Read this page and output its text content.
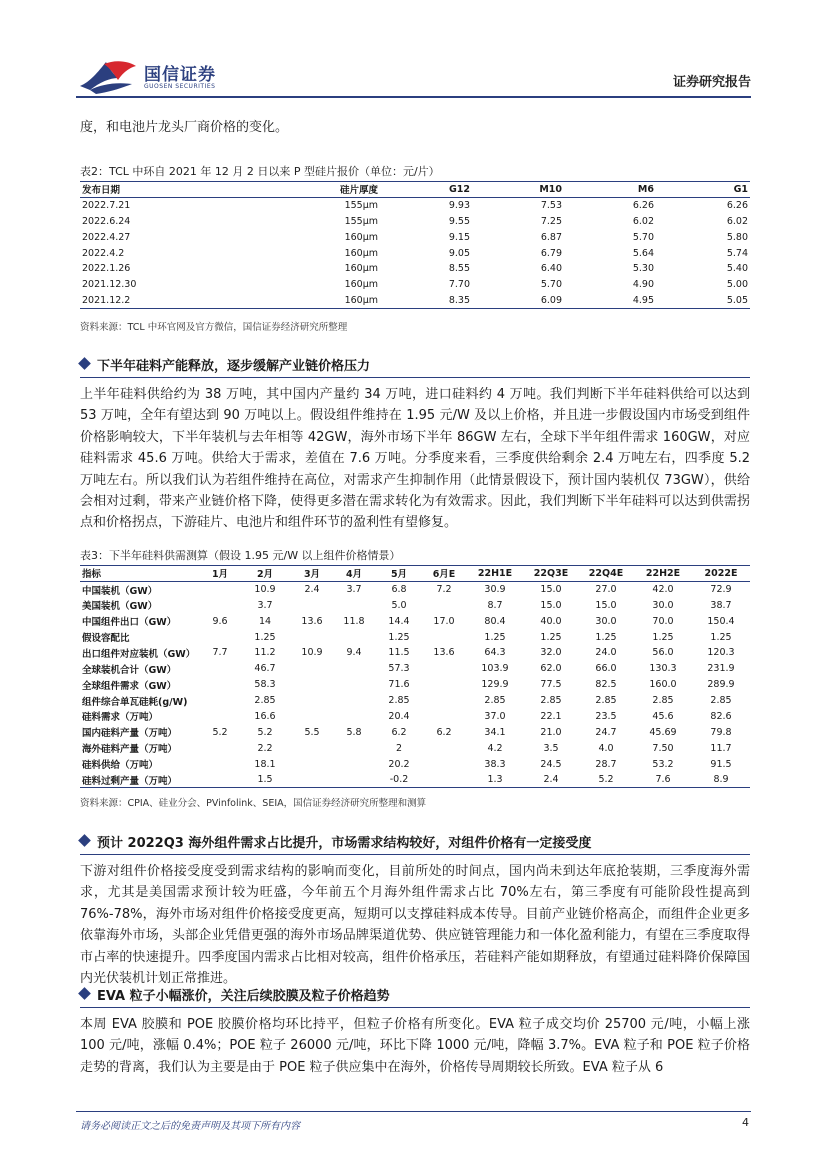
国信证券
GUOSEN SECURITIES	证券研究报告
度，和电池片龙头厂商价格的变化。
表2：TCL 中环自 2021 年 12 月 2 日以来 P 型硅片报价（单位：元/片）
发布日期	硅片厚度	G12	M10	M6	G1
2022.7.21	155μm	9.93	7.53	6.26	6.26
2022.6.24	155μm	9.55	7.25	6.02	6.02
2022.4.27	160μm	9.15	6.87	5.70	5.80
2022.4.2	160μm	9.05	6.79	5.64	5.74
2022.1.26	160μm	8.55	6.40	5.30	5.40
2021.12.30	160μm	7.70	5.70	4.90	5.00
2021.12.2	160μm	8.35	6.09	4.95	5.05
资料来源：TCL 中环官网及官方微信，国信证券经济研究所整理
下半年硅料产能释放，逐步缓解产业链价格压力
上半年硅料供给约为 38 万吨，其中国内产量约 34 万吨，进口硅料约 4 万吨。我们判断下半年硅料供给可以达到 53 万吨，全年有望达到 90 万吨以上。假设组件维持在 1.95 元/W 及以上价格，并且进一步假设国内市场受到组件价格影响较大，下半年装机与去年相等 42GW，海外市场下半年 86GW 左右，全球下半年组件需求 160GW，对应硅料需求 45.6 万吨。供给大于需求，差值在 7.6 万吨。分季度来看，三季度供给剩余 2.4 万吨左右，四季度 5.2 万吨左右。所以我们认为若组件维持在高位，对需求产生抑制作用（此情景假设下，预计国内装机仅 73GW），供给会相对过剩，带来产业链价格下降，使得更多潜在需求转化为有效需求。因此，我们判断下半年硅料可以达到供需拐点和价格拐点，下游硅片、电池片和组件环节的盈利性有望修复。
表3：下半年硅料供需测算（假设 1.95 元/W 以上组件价格情景）
指标	1月	2月	3月	4月	5月	6月E	22H1E	22Q3E	22Q4E	22H2E	2022E
中国装机（GW）		10.9	2.4	3.7	6.8	7.2	30.9	15.0	27.0	42.0	72.9
美国装机（GW）		3.7			5.0		8.7	15.0	15.0	30.0	38.7
中国组件出口（GW）	9.6	14	13.6	11.8	14.4	17.0	80.4	40.0	30.0	70.0	150.4
假设容配比		1.25			1.25		1.25	1.25	1.25	1.25	1.25
出口组件对应装机（GW）	7.7	11.2	10.9	9.4	11.5	13.6	64.3	32.0	24.0	56.0	120.3
全球装机合计（GW）		46.7			57.3		103.9	62.0	66.0	130.3	231.9
全球组件需求（GW）		58.3			71.6		129.9	77.5	82.5	160.0	289.9
组件综合单瓦硅耗(g/W)		2.85			2.85		2.85	2.85	2.85	2.85	2.85
硅料需求（万吨）		16.6			20.4		37.0	22.1	23.5	45.6	82.6
国内硅料产量（万吨）	5.2	5.2	5.5	5.8	6.2	6.2	34.1	21.0	24.7	45.69	79.8
海外硅料产量（万吨）		2.2			2		4.2	3.5	4.0	7.50	11.7
硅料供给（万吨）		18.1			20.2		38.3	24.5	28.7	53.2	91.5
硅料过剩产量（万吨）		1.5			-0.2		1.3	2.4	5.2	7.6	8.9
资料来源：CPIA、硅业分会、PVinfolink、SEIA，国信证券经济研究所整理和测算
预计 2022Q3 海外组件需求占比提升，市场需求结构较好，对组件价格有一定接受度
下游对组件价格接受度受到需求结构的影响而变化，目前所处的时间点，国内尚未到达年底抢装期，三季度海外需求，尤其是美国需求预计较为旺盛，今年前五个月海外组件需求占比 70%左右，第三季度有可能阶段性提高到 76%-78%，海外市场对组件价格接受度更高，短期可以支撑硅料成本传导。目前产业链价格高企，而组件企业更多依靠海外市场，头部企业凭借更强的海外市场品牌渠道优势、供应链管理能力和一体化盈利能力，有望在三季度取得市占率的快速提升。四季度国内需求占比相对较高，组件价格承压，若硅料产能如期释放，有望通过硅料降价保障国内光伏装机计划正常推进。
EVA 粒子小幅涨价，关注后续胶膜及粒子价格趋势
本周 EVA 胶膜和 POE 胶膜价格均环比持平，但粒子价格有所变化。EVA 粒子成交均价 25700 元/吨，小幅上涨 100 元/吨，涨幅 0.4%；POE 粒子 26000 元/吨，环比下降 1000 元/吨，降幅 3.7%。EVA 粒子和 POE 粒子价格走势的背离，我们认为主要是由于 POE 粒子供应集中在海外，价格传导周期较长所致。EVA 粒子从 6
请务必阅读正文之后的免责声明及其项下所有内容	4
